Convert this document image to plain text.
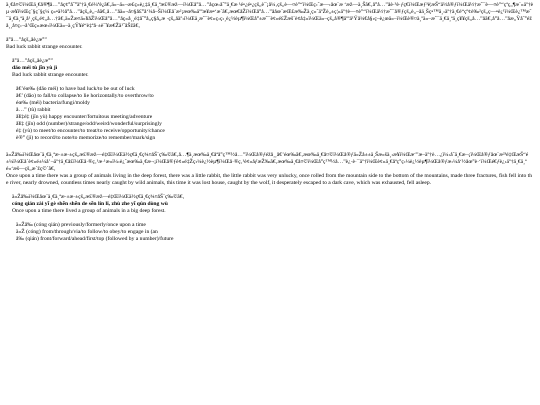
ä¸€å¤©ï¼Œä¸€å®¶å…”åç¢°åˆ°äº†ä¸€é¼ªè¿ã€‚ä»–ä»¬æ£ç»è¿‡ä¸€ä¸ªæ£®æž—ï¼Œå°å…”åçœ‹åˆ°ä¸€æ ¹é•¿é•¿çš„è¯¡å¼‚çš„è—¤è”“ï¼Œç›˜æ—‹åœ¨æ ‘æž—ä¸Šã€‚å°å…”åè·³è·ƒç€ï¼Œæƒ³è¦æŠ“ä½å®ƒï¼Œä½†æ˜¯è—¤è”“çªç„¶æ´»äº†èµ·æ¥ï¼Œç´§ç´§ç¼ ç»•ä½å°å…”åçš„è„–åã€‚å…”åä»¬å¤§å£°å‘¼å–Šï¼Œå´æ²¡æœ‰äººæ¥æ•‘æ´ã€‚æœ€åŽï¼Œå°å…”ååœ¨æŒ£æ‰Žä¸ç»ˆäºŽè„±ç¦»äº†è—¤è”“ï¼Œä½†æ˜¯å®ƒçš„è„–åä¸Šç•™ä¸‹äº†ä¸€é“çº¢è‰²çš„ç—•è¿¹ï¼Œè¿™æ˜¯ä¸€ä¸ªä¸å¹¸çš„é¢„å…†ã€‚ä»Žæ¤ä»¥åŽï¼Œå°å…”åç»å¸¸é‡åˆ°å„ç§å„æ ·çš„åäº‹ï¼Œä¸æ˜¯è¢«ç‹ç‹¸è¿½èµ¶ï¼Œå°±æ˜¯è¢«é£Žæš´è¢å‡»ï¼Œä»–çš„å®¶äººä¹Ÿå¼€å§‹ç–è¿œä»–ï¼Œè®¤ä¸ºä»–æ˜¯ä¸€ä¸ªä¸ç¥¥çš„å…”åã€‚å°å…”åæ„Ÿåˆ°éžå¸¸å¤ç‹¬å’Œç»æœ›ï¼Œä»–ä¸çŸ¥é“è‡ªå·±è¯¥æ€Žä¹ˆåŠžã€‚

å°å…”åçš„åè¿æ°”

Bad luck rabbit strange encounter.

å°å…”åçš„åè¿æ°”

dǎo méi tù jīn yù jì

Bad luck rabbit strange encounter.

å€’éœ‰ (dǎo méi) to have bad luck/to be out of luck

å€’ (dǎo) to fall/to collapse/to lie horizontally/to overthrow/to

éœ‰ (méi) bacteria/fungi/moldy

å…” (tù) rabbit

å¥‡é‡ (jīn yù) happy encounter/fortuitous meeting/adventure

å¥‡ (jīn) odd (number)/strange/odd/weird/wonderful/surprisingly

é‡ (yù) to meet/to encounter/to treat/to receive/opportunity/chance

è®° (jì) to record/to note/to memorize/to remember/mark/sign

ä»Žå‰ï¼Œåœ¨ä¸€ä¸ªæ·±æ·±çš„æ£®æž—é‡Œï¼Œä½ç€ä¸€ç¾¤åŠ¨ç‰©ã€‚å…¶ä¸æœ‰ä¸€åªå°ç™½å…”ï¼Œå®ƒéžå¸¸å€’éœ‰ã€‚æœ‰ä¸€å¤©ï¼Œå®ƒä»Žå±±ä¸Šæ»šä¸‹æ¥ï¼Œæ‘”æ–äº†è…¿ï¼›åˆä¸€æ¬¡ï¼Œå®ƒåœ¨æ²³é‡ŒæŠ“é±¼ï¼Œå´è¢«é±¼å’¬äº†ä¸€å£ï¼Œå·®ç‚¹æ·¹æ»ï¼›è¿˜æœ‰ä¸€æ¬¡ï¼Œå®ƒè¢«é‡Žç‹¼è¿½èµ¶ï¼Œå·®ç‚¹è¢«åƒæŽ‰ã€‚æœ‰ä¸€å¤©ï¼Œå°ç™½å…”è¿·è·¯äº†ï¼Œè¢«ä¸€åªç°ç‹¼è¿½èµ¶ï¼Œå®ƒæ‹¼å‘½åœ°è·‘ï¼Œé€ƒè¿›äº†ä¸€ä¸ªé»‘æš—çš„æ´žç©´ã€‚

Once upon a time there was a group of animals living in the deep forest, there was a little rabbit, the little rabbit was very unlucky, once rolled from the mountain side to the bottom of the mountains, made three fractures, fish fell into the river, nearly drowned, countless times nearly caught by wild animals, this time it was lost house, caught by the wolf, it desperately escaped to a dark cave, which was exhausted, fell asleep.

ä»Žå‰ï¼Œåœ¨ä¸€ä¸ªæ·±æ·±çš„æ£®æž—é‡Œï¼Œä½ç€ä¸€ç¾¤åŠ¨ç‰©ã€‚

cóng qián zài yī gè shēn shēn de sēn lín lǐ, zhù zhe yī qún dòng wù

Once upon a time there lived a group of animals in a big deep forest.

ä»Žå‰ (cóng qián) previously/formerly/once upon a time

ä»Ž (cóng) from/through/via/to follow/to obey/to engage in (an

å‰ (qián) front/forward/ahead/first/top (followed by a number)/future
